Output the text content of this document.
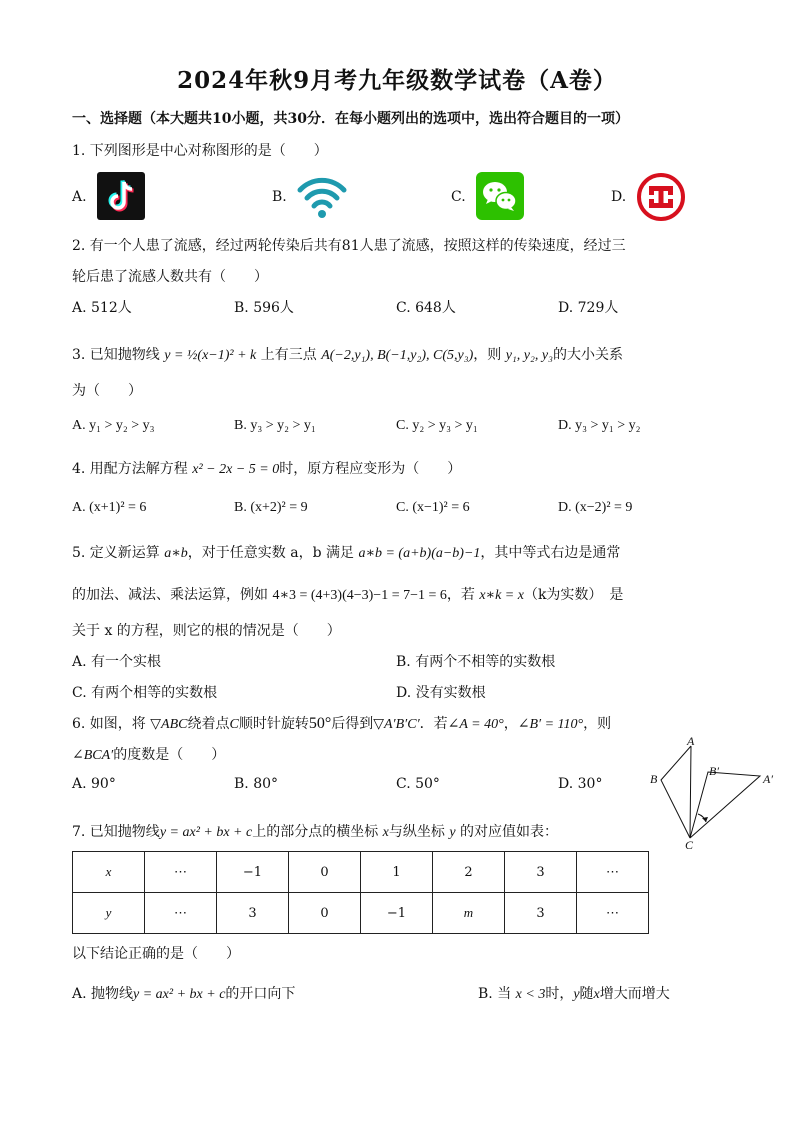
2024年秋9月考九年级数学试卷（A卷）
一、选择题（本大题共10小题，共30分．在每小题列出的选项中，选出符合题目的一项）
1. 下列图形是中心对称图形的是（　　）
A.	B.	C.	D.
2. 有一个人患了流感，经过两轮传染后共有81人患了流感，按照这样的传染速度，经过三
轮后患了流感人数共有（　　）
A. 512人	B. 596人	C. 648人	D. 729人
3. 已知抛物线 y = ½(x−1)² + k 上有三点 A(−2,y₁), B(−1,y₂), C(5,y₃)，则 y₁, y₂, y₃的大小关系
为（　　）
A. y₁ > y₂ > y₃	B. y₃ > y₂ > y₁	C. y₂ > y₃ > y₁	D. y₃ > y₁ > y₂
4. 用配方法解方程 x² − 2x − 5 = 0时，原方程应变形为（　　）
A. (x+1)² = 6	B. (x+2)² = 9	C. (x−1)² = 6	D. (x−2)² = 9
5. 定义新运算 a∗b，对于任意实数 a，b 满足 a∗b = (a+b)(a−b)−1，其中等式右边是通常
的加法、减法、乘法运算，例如 4∗3 = (4+3)(4−3)−1 = 7−1 = 6，若 x∗k = x（k为实数）　是
关于 x 的方程，则它的根的情况是（　　）
A. 有一个实根	B. 有两个不相等的实数根
C. 有两个相等的实数根	D. 没有实数根
6. 如图，将 ▽ABC绕着点C顺时针旋转50°后得到▽A′B′C′．若∠A = 40°，∠B′ = 110°，则
∠BCA′的度数是（　　）
A. 90°	B. 80°	C. 50°	D. 30°
A
B
B′
A′
C
7. 已知抛物线y = ax² + bx + c上的部分点的横坐标 x与纵坐标 y 的对应值如表：
x	⋯	−1	0	1	2	3	⋯
y	⋯	3	0	−1	m	3	⋯
以下结论正确的是（　　）
A. 抛物线y = ax² + bx + c的开口向下	B. 当 x < 3时，y随x增大而增大
